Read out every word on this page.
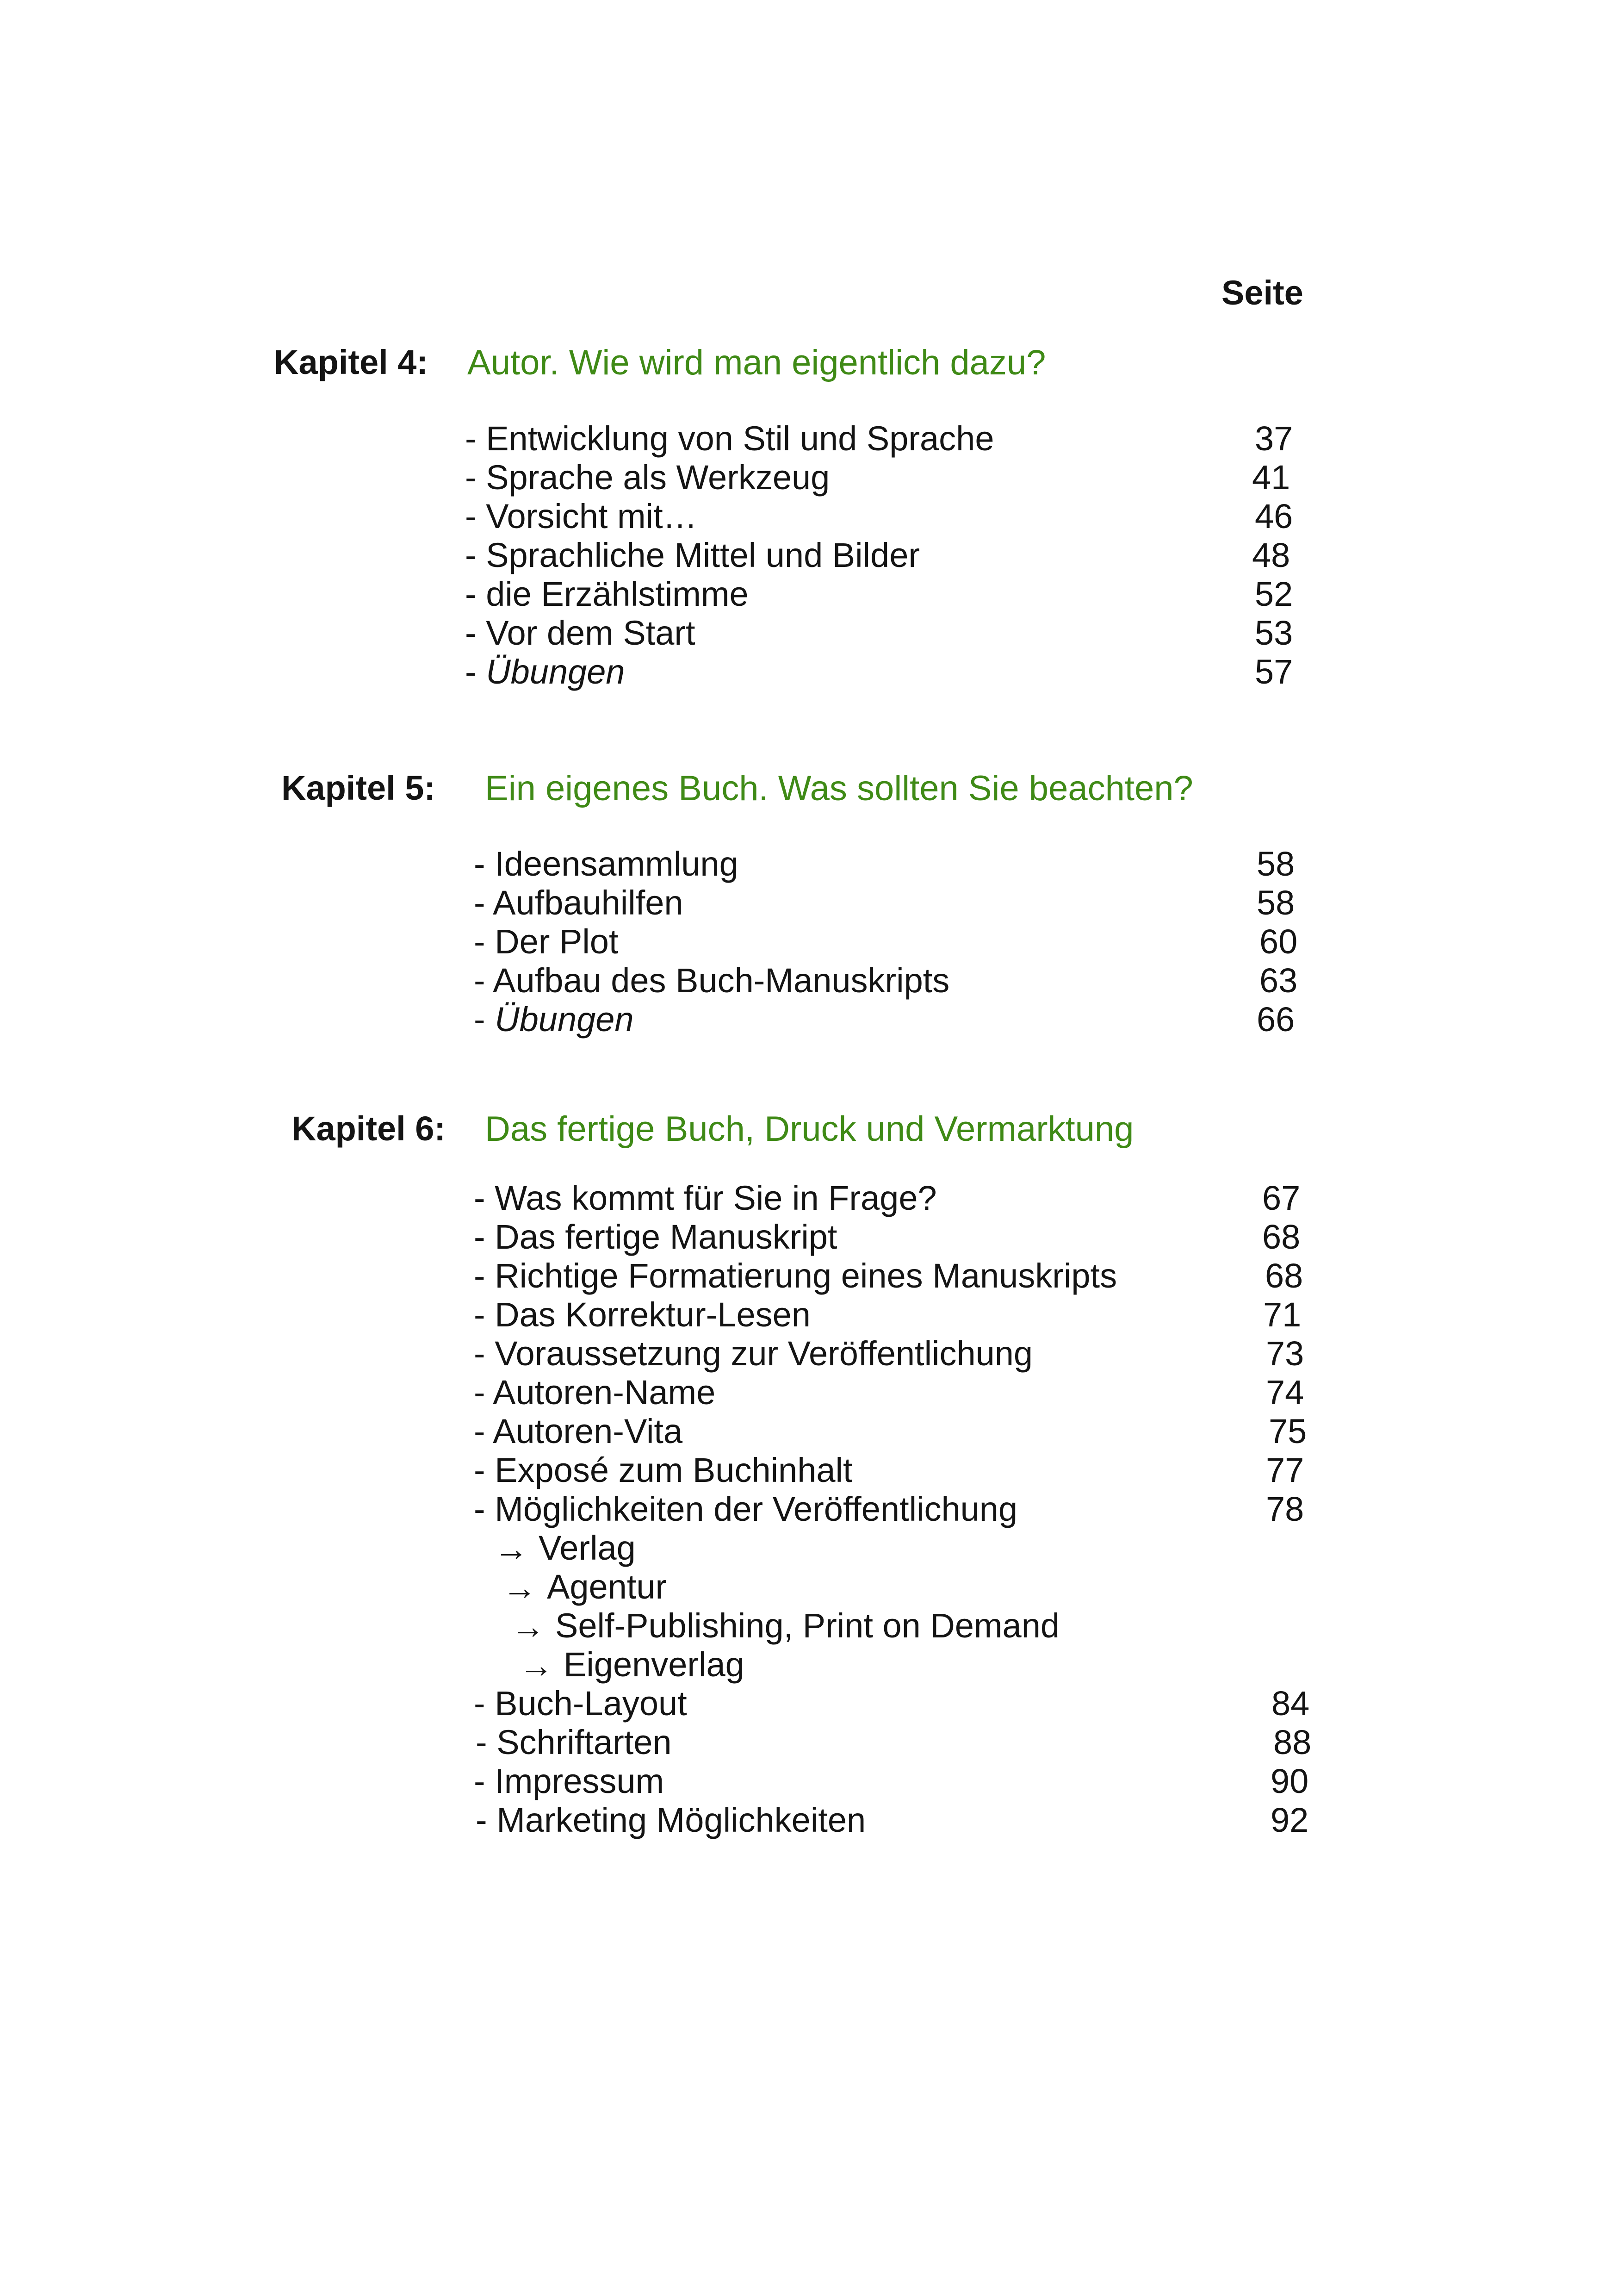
Seite
Kapitel 4: Autor. Wie wird man eigentlich dazu?
- Entwicklung von Stil und Sprache	37
- Sprache als Werkzeug	41
- Vorsicht mit…	46
- Sprachliche Mittel und Bilder	48
- die Erzählstimme	52
- Vor dem Start	53
- Übungen	57
Kapitel 5: Ein eigenes Buch. Was sollten Sie beachten?
- Ideensammlung	58
- Aufbauhilfen	58
- Der Plot	60
- Aufbau des Buch-Manuskripts	63
- Übungen	66
Kapitel 6: Das fertige Buch, Druck und Vermarktung
- Was kommt für Sie in Frage?	67
- Das fertige Manuskript	68
- Richtige Formatierung eines Manuskripts	68
- Das Korrektur-Lesen	71
- Voraussetzung zur Veröffentlichung	73
- Autoren-Name	74
- Autoren-Vita	75
- Exposé zum Buchinhalt	77
- Möglichkeiten der Veröffentlichung	78
→ Verlag
→ Agentur
→ Self-Publishing, Print on Demand
→ Eigenverlag
- Buch-Layout	84
- Schriftarten	88
- Impressum	90
- Marketing Möglichkeiten	92
